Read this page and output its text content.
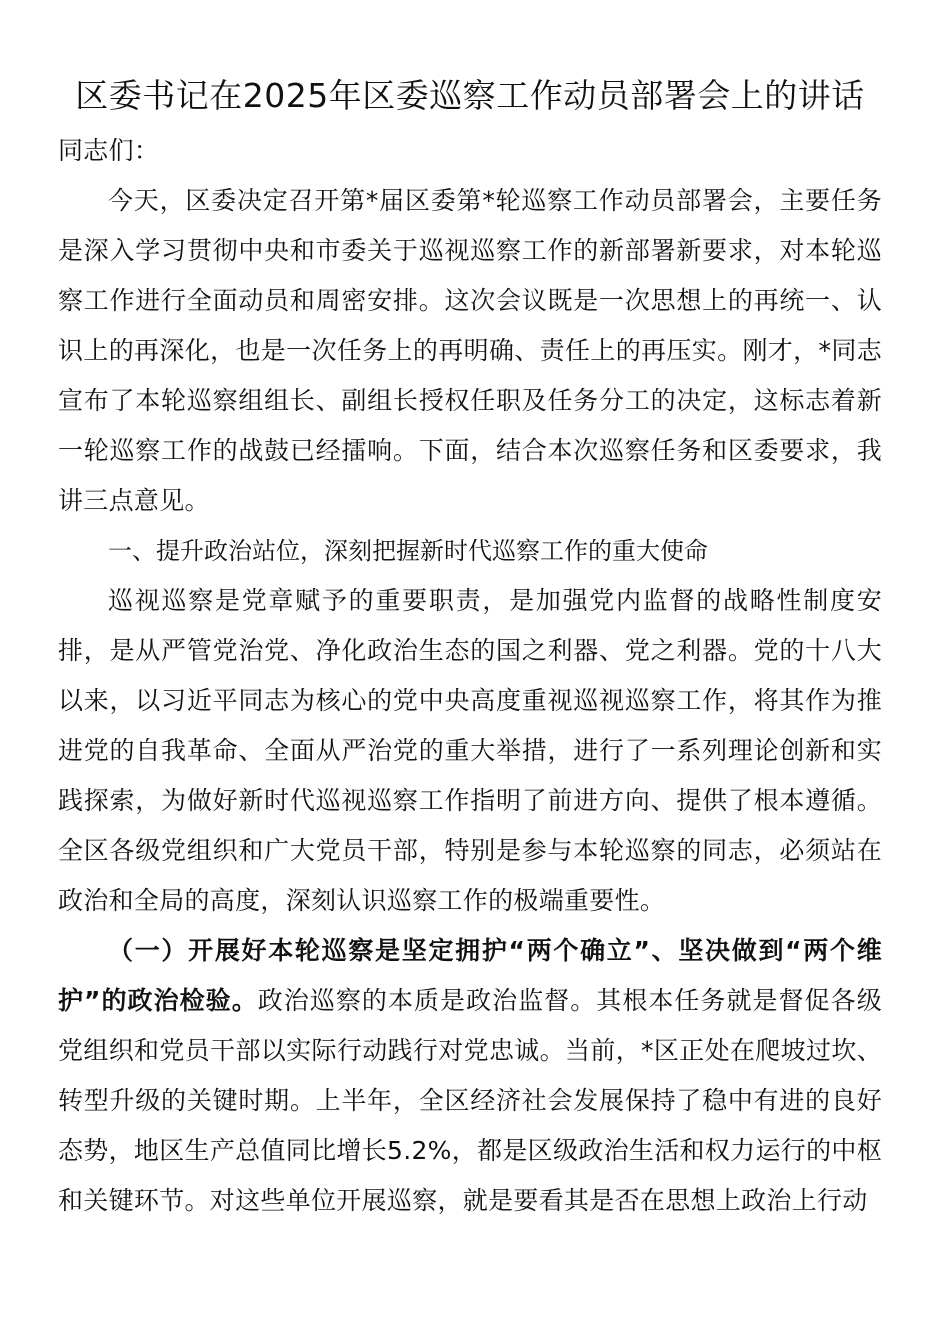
区委书记在2025年区委巡察工作动员部署会上的讲话

同志们：

今天，区委决定召开第*届区委第*轮巡察工作动员部署会，主要任务是深入学习贯彻中央和市委关于巡视巡察工作的新部署新要求，对本轮巡察工作进行全面动员和周密安排。这次会议既是一次思想上的再统一、认识上的再深化，也是一次任务上的再明确、责任上的再压实。刚才，*同志宣布了本轮巡察组组长、副组长授权任职及任务分工的决定，这标志着新一轮巡察工作的战鼓已经擂响。下面，结合本次巡察任务和区委要求，我讲三点意见。

一、提升政治站位，深刻把握新时代巡察工作的重大使命

巡视巡察是党章赋予的重要职责，是加强党内监督的战略性制度安排，是从严管党治党、净化政治生态的国之利器、党之利器。党的十八大以来，以习近平同志为核心的党中央高度重视巡视巡察工作，将其作为推进党的自我革命、全面从严治党的重大举措，进行了一系列理论创新和实践探索，为做好新时代巡视巡察工作指明了前进方向、提供了根本遵循。全区各级党组织和广大党员干部，特别是参与本轮巡察的同志，必须站在政治和全局的高度，深刻认识巡察工作的极端重要性。

（一）开展好本轮巡察是坚定拥护“两个确立”、坚决做到“两个维护”的政治检验。政治巡察的本质是政治监督。其根本任务就是督促各级党组织和党员干部以实际行动践行对党忠诚。当前，*区正处在爬坡过坎、转型升级的关键时期。上半年，全区经济社会发展保持了稳中有进的良好态势，地区生产总值同比增长5.2%，都是区级政治生活和权力运行的中枢和关键环节。对这些单位开展巡察，就是要看其是否在思想上政治上行动
